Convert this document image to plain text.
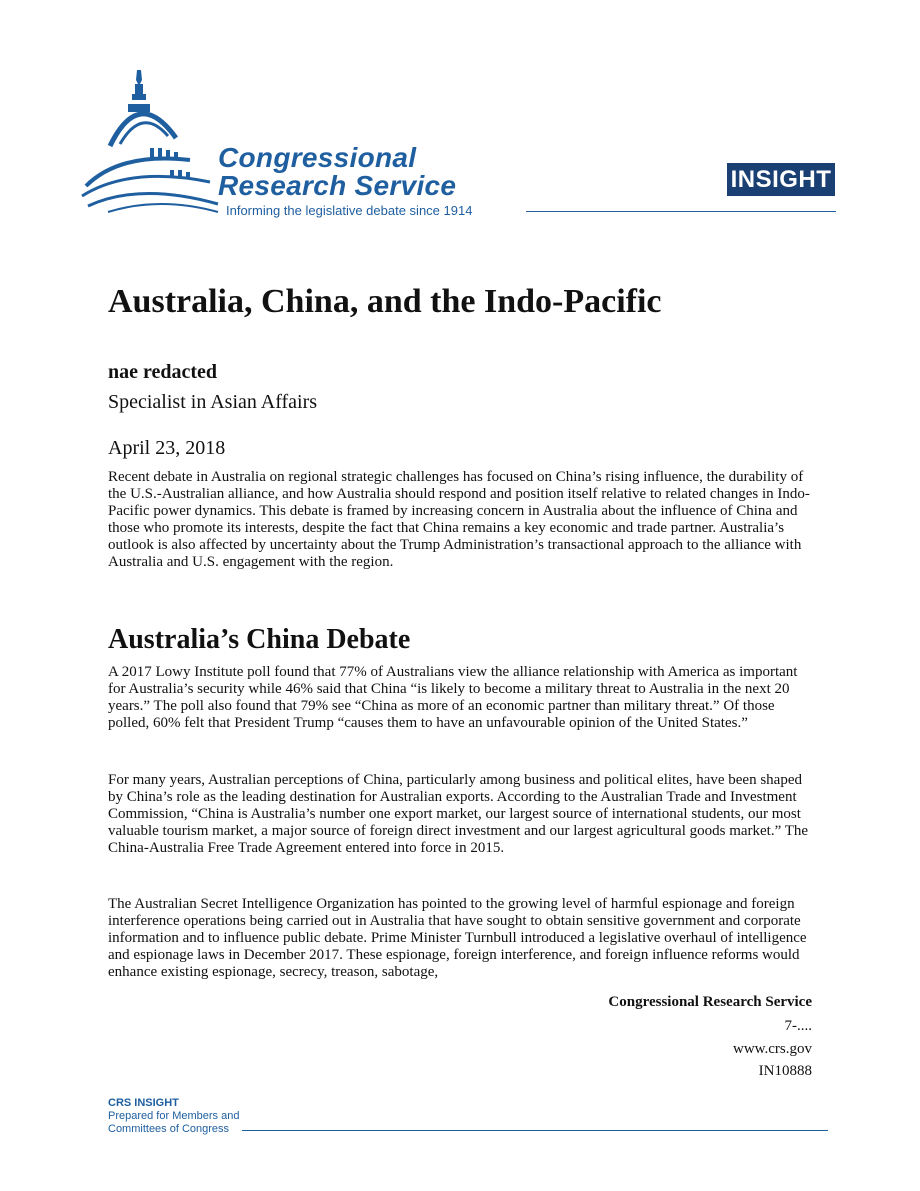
Congressional
Research Service
Informing the legislative debate since 1914
INSIGHT
Australia, China, and the Indo-Pacific
nae redacted
Specialist in Asian Affairs
April 23, 2018

Recent debate in Australia on regional strategic challenges has focused on China’s rising influence, the durability of the U.S.-Australian alliance, and how Australia should respond and position itself relative to related changes in Indo-Pacific power dynamics. This debate is framed by increasing concern in Australia about the influence of China and those who promote its interests, despite the fact that China remains a key economic and trade partner. Australia’s outlook is also affected by uncertainty about the Trump Administration’s transactional approach to the alliance with Australia and U.S. engagement with the region.

Australia’s China Debate

A 2017 Lowy Institute poll found that 77% of Australians view the alliance relationship with America as important for Australia’s security while 46% said that China “is likely to become a military threat to Australia in the next 20 years.” The poll also found that 79% see “China as more of an economic partner than military threat.” Of those polled, 60% felt that President Trump “causes them to have an unfavourable opinion of the United States.”

For many years, Australian perceptions of China, particularly among business and political elites, have been shaped by China’s role as the leading destination for Australian exports. According to the Australian Trade and Investment Commission, “China is Australia’s number one export market, our largest source of international students, our most valuable tourism market, a major source of foreign direct investment and our largest agricultural goods market.” The China-Australia Free Trade Agreement entered into force in 2015.

The Australian Secret Intelligence Organization has pointed to the growing level of harmful espionage and foreign interference operations being carried out in Australia that have sought to obtain sensitive government and corporate information and to influence public debate. Prime Minister Turnbull introduced a legislative overhaul of intelligence and espionage laws in December 2017. These espionage, foreign interference, and foreign influence reforms would enhance existing espionage, secrecy, treason, sabotage,

Congressional Research Service
7-....
www.crs.gov
IN10888
CRS INSIGHT
Prepared for Members and
Committees of Congress
